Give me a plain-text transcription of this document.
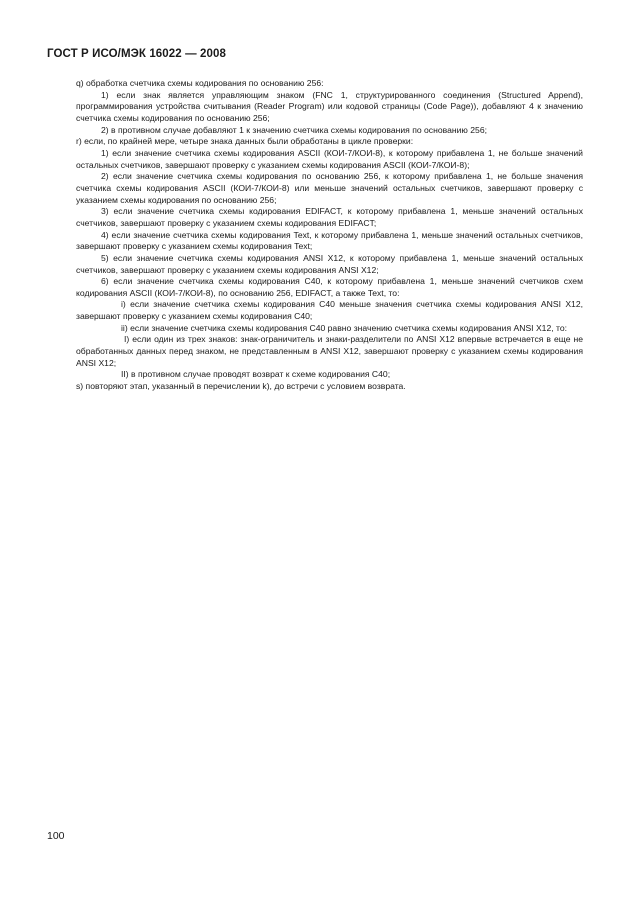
ГОСТ Р ИСО/МЭК 16022 — 2008

q) обработка счетчика схемы кодирования по основанию 256:

1) если знак является управляющим знаком (FNC 1, структурированного соединения (Structured Append), программирования устройства считывания (Reader Program) или кодовой страницы (Code Page)), добавляют 4 к значению счетчика схемы кодирования по основанию 256;

2) в противном случае добавляют 1 к значению счетчика схемы кодирования по основанию 256;

r) если, по крайней мере, четыре знака данных были обработаны в цикле проверки:

1) если значение счетчика схемы кодирования ASCII (КОИ-7/КОИ-8), к которому прибавлена 1, не больше значений остальных счетчиков, завершают проверку с указанием схемы кодирования ASCII (КОИ-7/КОИ-8);

2) если значение счетчика схемы кодирования по основанию 256, к которому прибавлена 1, не больше значения счетчика схемы кодирования ASCII (КОИ-7/КОИ-8) или меньше значений остальных счетчиков, завершают проверку с указанием схемы кодирования по основанию 256;

3) если значение счетчика схемы кодирования EDIFACT, к которому прибавлена 1, меньше значений остальных счетчиков, завершают проверку с указанием схемы кодирования EDIFACT;

4) если значение счетчика схемы кодирования Text, к которому прибавлена 1, меньше значений остальных счетчиков, завершают проверку с указанием схемы кодирования Text;

5) если значение счетчика схемы кодирования ANSI X12, к которому прибавлена 1, меньше значений остальных счетчиков, завершают проверку с указанием схемы кодирования ANSI X12;

6) если значение счетчика схемы кодирования C40, к которому прибавлена 1, меньше значений счетчиков схем кодирования ASCII (КОИ-7/КОИ-8), по основанию 256, EDIFACT, а также Text, то:

i) если значение счетчика схемы кодирования C40 меньше значения счетчика схемы кодирования ANSI X12, завершают проверку с указанием схемы кодирования C40;

ii) если значение счетчика схемы кодирования C40 равно значению счетчика схемы кодирования ANSI X12, то:

I) если один из трех знаков: знак-ограничитель и знаки-разделители по ANSI X12 впервые встречается в еще не обработанных данных перед знаком, не представленным в ANSI X12, завершают проверку с указанием схемы кодирования ANSI X12;

II) в противном случае проводят возврат к схеме кодирования C40;

s) повторяют этап, указанный в перечислении k), до встречи с условием возврата.

100
